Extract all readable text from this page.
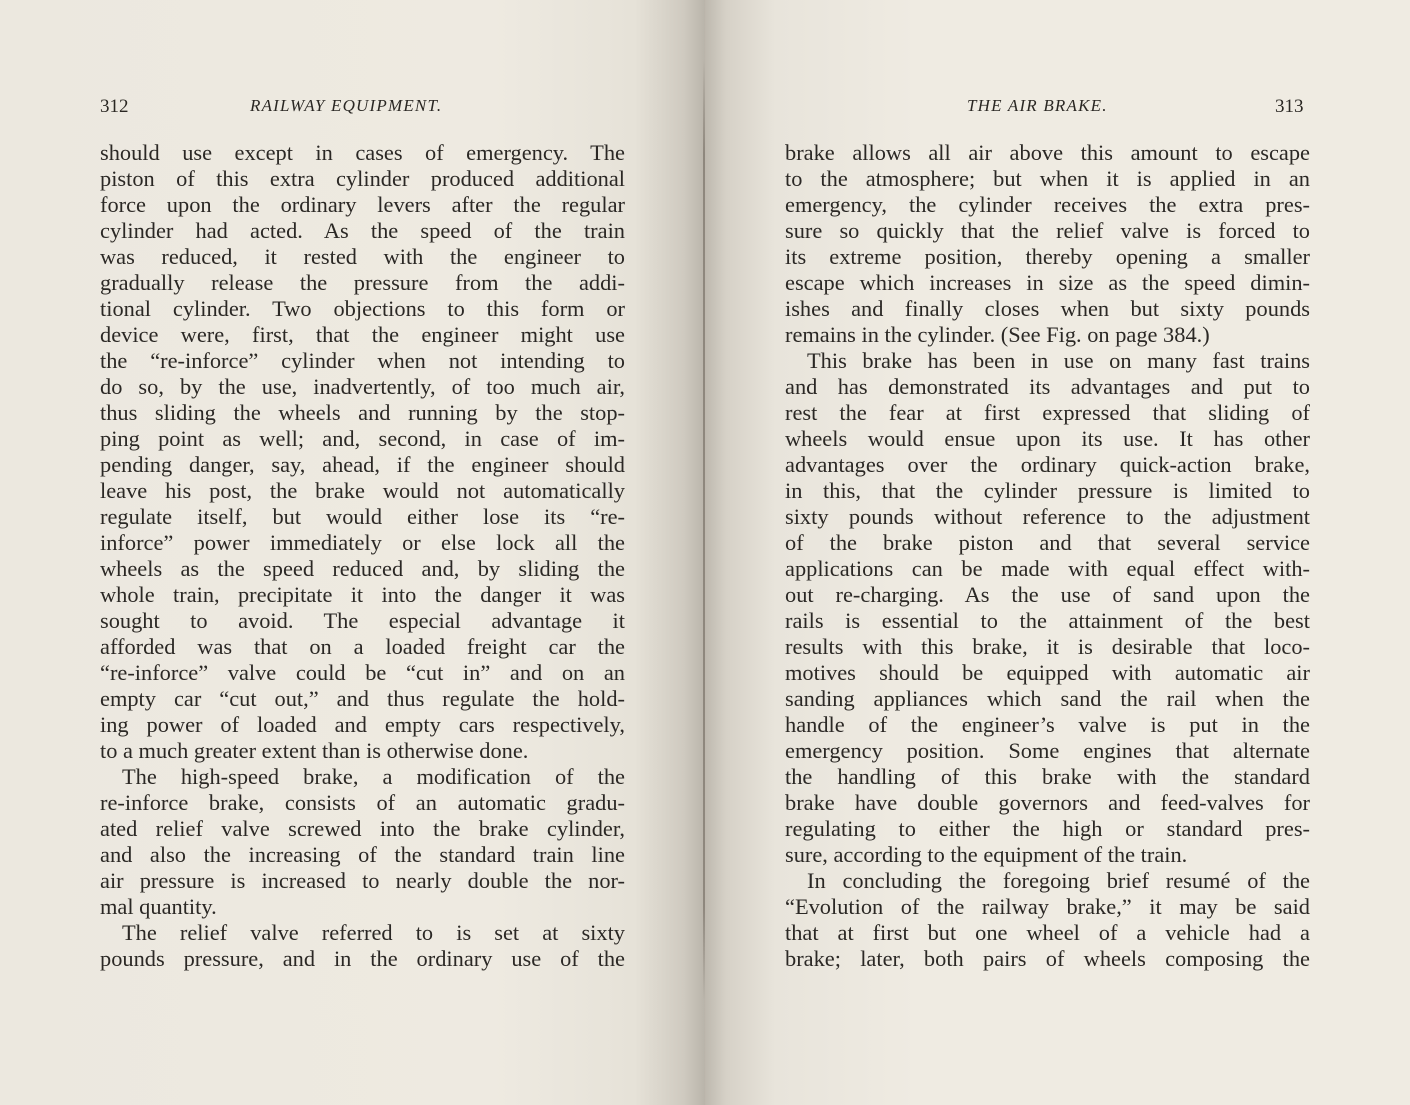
312	RAILWAY EQUIPMENT.
should use except in cases of emergency. The
piston of this extra cylinder produced additional
force upon the ordinary levers after the regular
cylinder had acted. As the speed of the train
was reduced, it rested with the engineer to
gradually release the pressure from the addi-
tional cylinder. Two objections to this form or
device were, first, that the engineer might use
the “re-inforce” cylinder when not intending to
do so, by the use, inadvertently, of too much air,
thus sliding the wheels and running by the stop-
ping point as well; and, second, in case of im-
pending danger, say, ahead, if the engineer should
leave his post, the brake would not automatically
regulate itself, but would either lose its “re-
inforce” power immediately or else lock all the
wheels as the speed reduced and, by sliding the
whole train, precipitate it into the danger it was
sought to avoid. The especial advantage it
afforded was that on a loaded freight car the
“re-inforce” valve could be “cut in” and on an
empty car “cut out,” and thus regulate the hold-
ing power of loaded and empty cars respectively,
to a much greater extent than is otherwise done.
The high-speed brake, a modification of the
re-inforce brake, consists of an automatic gradu-
ated relief valve screwed into the brake cylinder,
and also the increasing of the standard train line
air pressure is increased to nearly double the nor-
mal quantity.
The relief valve referred to is set at sixty
pounds pressure, and in the ordinary use of the
THE AIR BRAKE.	313
brake allows all air above this amount to escape
to the atmosphere; but when it is applied in an
emergency, the cylinder receives the extra pres-
sure so quickly that the relief valve is forced to
its extreme position, thereby opening a smaller
escape which increases in size as the speed dimin-
ishes and finally closes when but sixty pounds
remains in the cylinder. (See Fig. on page 384.)
This brake has been in use on many fast trains
and has demonstrated its advantages and put to
rest the fear at first expressed that sliding of
wheels would ensue upon its use. It has other
advantages over the ordinary quick-action brake,
in this, that the cylinder pressure is limited to
sixty pounds without reference to the adjustment
of the brake piston and that several service
applications can be made with equal effect with-
out re-charging. As the use of sand upon the
rails is essential to the attainment of the best
results with this brake, it is desirable that loco-
motives should be equipped with automatic air
sanding appliances which sand the rail when the
handle of the engineer’s valve is put in the
emergency position. Some engines that alternate
the handling of this brake with the standard
brake have double governors and feed-valves for
regulating to either the high or standard pres-
sure, according to the equipment of the train.
In concluding the foregoing brief resumé of the
“Evolution of the railway brake,” it may be said
that at first but one wheel of a vehicle had a
brake; later, both pairs of wheels composing the
